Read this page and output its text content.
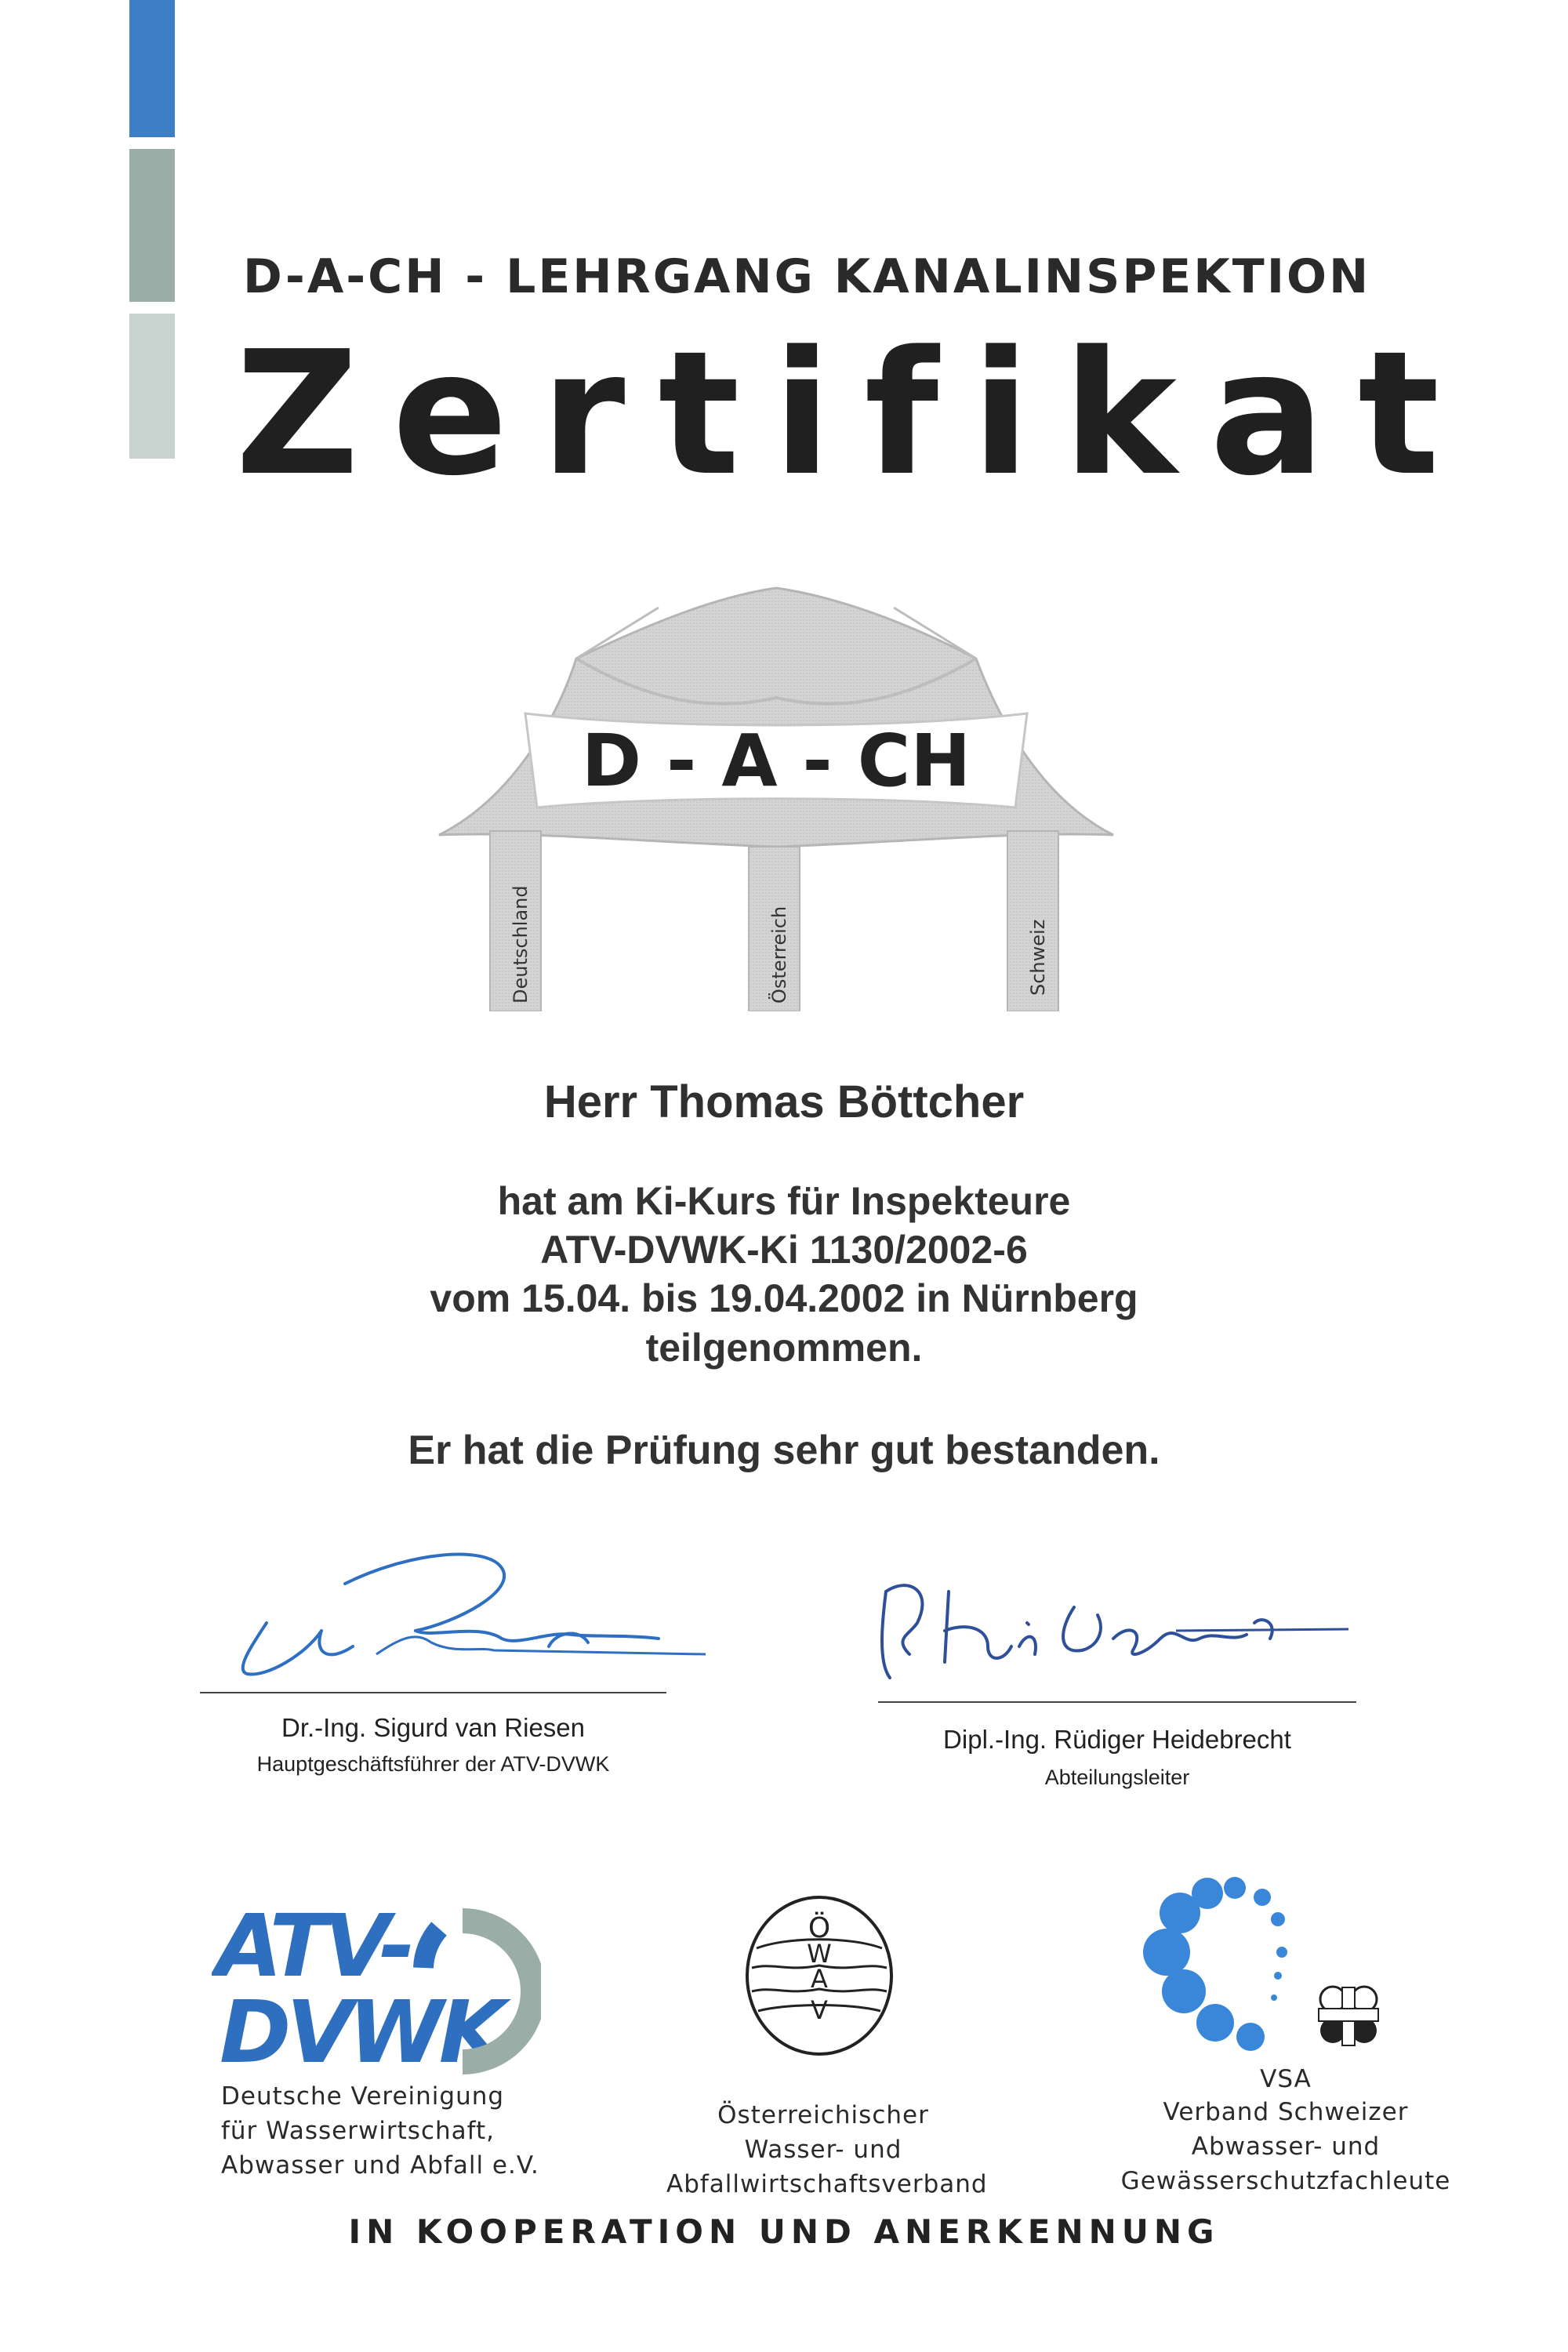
D-A-CH - LEHRGANG KANALINSPEKTION
Zertifikat
D - A - CH
Deutschland	Österreich	Schweiz
Herr Thomas Böttcher
hat am Ki-Kurs für Inspekteure
ATV-DVWK-Ki 1130/2002-6
vom 15.04. bis 19.04.2002 in Nürnberg
teilgenommen.
Er hat die Prüfung sehr gut bestanden.
Dr.-Ing. Sigurd van Riesen
Hauptgeschäftsführer der ATV-DVWK
Dipl.-Ing. Rüdiger Heidebrecht
Abteilungsleiter
ATV-
DVWK
Deutsche Vereinigung
für Wasserwirtschaft,
Abwasser und Abfall e.V.
Ö
W
A
V
Österreichischer
Wasser- und
Abfallwirtschaftsverband
VSA
Verband Schweizer
Abwasser- und
Gewässerschutzfachleute
IN KOOPERATION UND ANERKENNUNG
